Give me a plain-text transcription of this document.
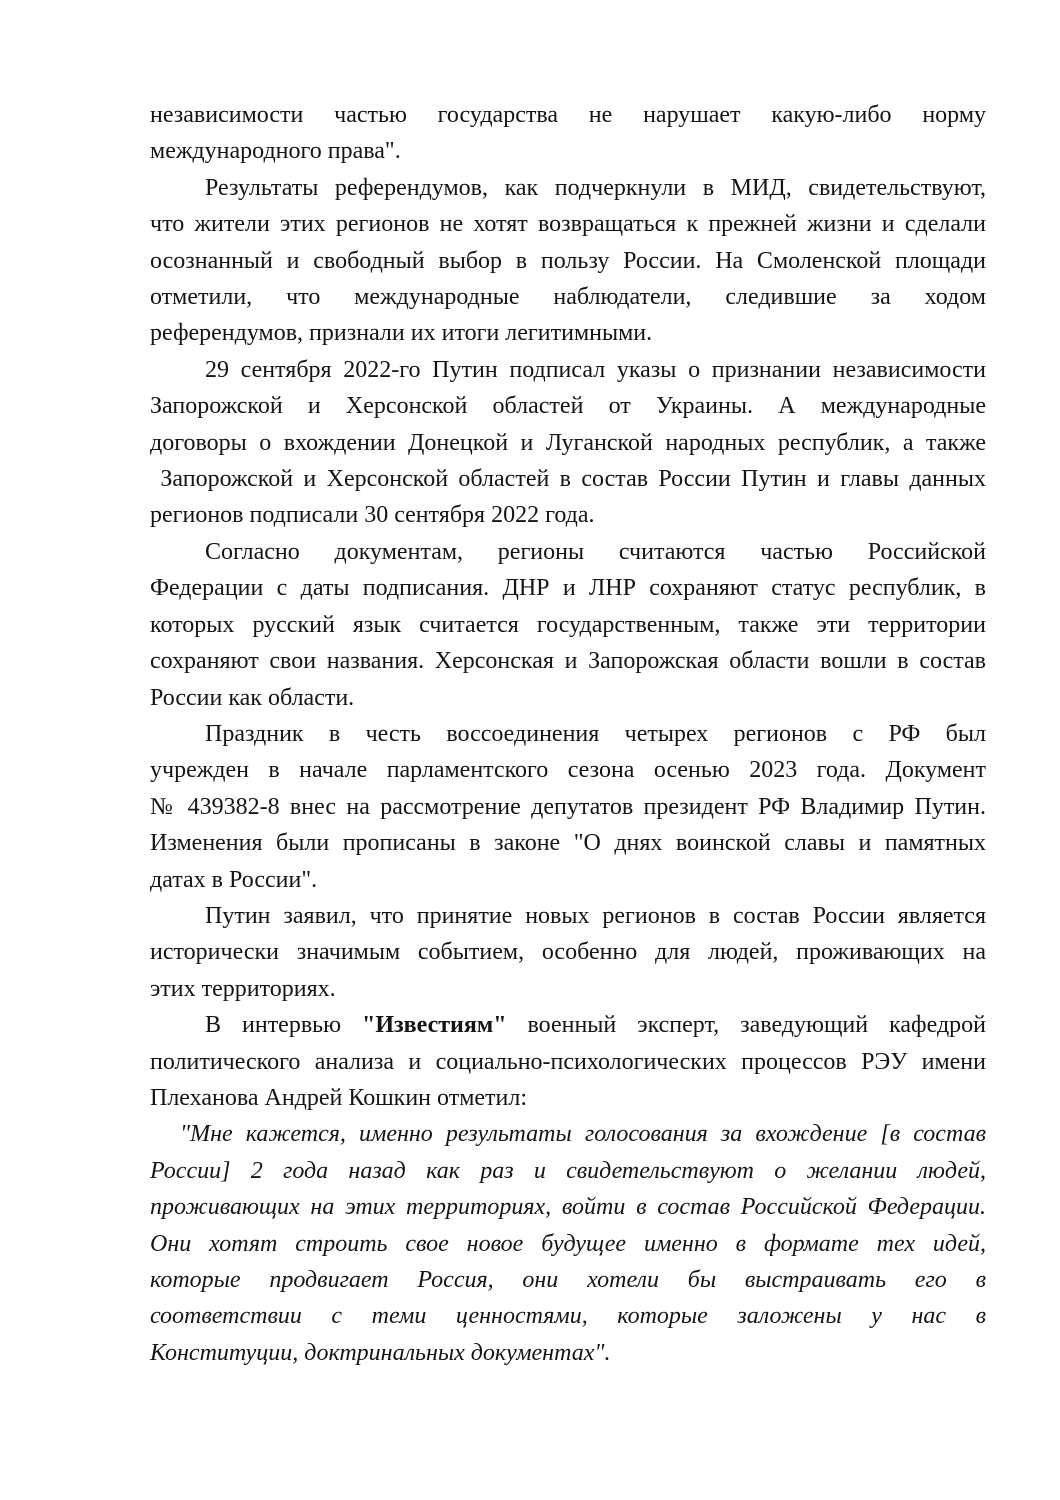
независимости частью государства не нарушает какую-либо норму
международного права".
Результаты референдумов, как подчеркнули в МИД, свидетельствуют,
что жители этих регионов не хотят возвращаться к прежней жизни и сделали
осознанный и свободный выбор в пользу России. На Смоленской площади
отметили, что международные наблюдатели, следившие за ходом
референдумов, признали их итоги легитимными.
29 сентября 2022-го Путин подписал указы о признании независимости
Запорожской и Херсонской областей от Украины. А международные
договоры о вхождении Донецкой и Луганской народных республик, а также
Запорожской и Херсонской областей в состав России Путин и главы данных
регионов подписали 30 сентября 2022 года.
Согласно документам, регионы считаются частью Российской
Федерации с даты подписания. ДНР и ЛНР сохраняют статус республик, в
которых русский язык считается государственным, также эти территории
сохраняют свои названия. Херсонская и Запорожская области вошли в состав
России как области.
Праздник в честь воссоединения четырех регионов с РФ был
учрежден в начале парламентского сезона осенью 2023 года. Документ
№ 439382-8 внес на рассмотрение депутатов президент РФ Владимир Путин.
Изменения были прописаны в законе "О днях воинской славы и памятных
датах в России".
Путин заявил, что принятие новых регионов в состав России является
исторически значимым событием, особенно для людей, проживающих на
этих территориях.
В интервью "Известиям" военный эксперт, заведующий кафедрой
политического анализа и социально-психологических процессов РЭУ имени
Плеханова Андрей Кошкин отметил:
"Мне кажется, именно результаты голосования за вхождение [в состав
России] 2 года назад как раз и свидетельствуют о желании людей,
проживающих на этих территориях, войти в состав Российской Федерации.
Они хотят строить свое новое будущее именно в формате тех идей,
которые продвигает Россия, они хотели бы выстраивать его в
соответствии с теми ценностями, которые заложены у нас в
Конституции, доктринальных документах".
